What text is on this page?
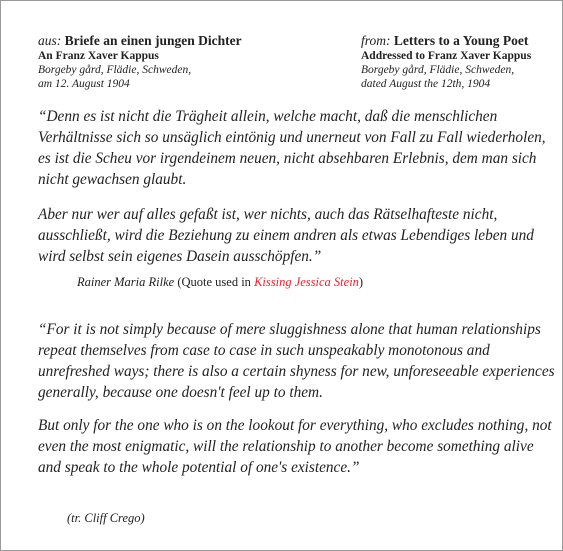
aus: Briefe an einen jungen Dichter
An Franz Xaver Kappus
Borgeby gård, Flädie, Schweden,
am 12. August 1904
from: Letters to a Young Poet
Addressed to Franz Xaver Kappus
Borgeby gård, Flädie, Schweden,
dated August the 12th, 1904

“Denn es ist nicht die Trägheit allein, welche macht, daß die menschlichen Verhältnisse sich so unsäglich eintönig und unerneut von Fall zu Fall wiederholen, es ist die Scheu vor irgendeinem neuen, nicht absehbaren Erlebnis, dem man sich nicht gewachsen glaubt.

Aber nur wer auf alles gefaßt ist, wer nichts, auch das Rätselhafteste nicht, ausschließt, wird die Beziehung zu einem andren als etwas Lebendiges leben und wird selbst sein eigenes Dasein ausschöpfen.”

Rainer Maria Rilke (Quote used in Kissing Jessica Stein)

“For it is not simply because of mere sluggishness alone that human relationships repeat themselves from case to case in such unspeakably monotonous and unrefreshed ways; there is also a certain shyness for new, unforeseeable experiences generally, because one doesn't feel up to them.

But only for the one who is on the lookout for everything, who excludes nothing, not even the most enigmatic, will the relationship to another become something alive and speak to the whole potential of one's existence.”

(tr. Cliff Crego)
